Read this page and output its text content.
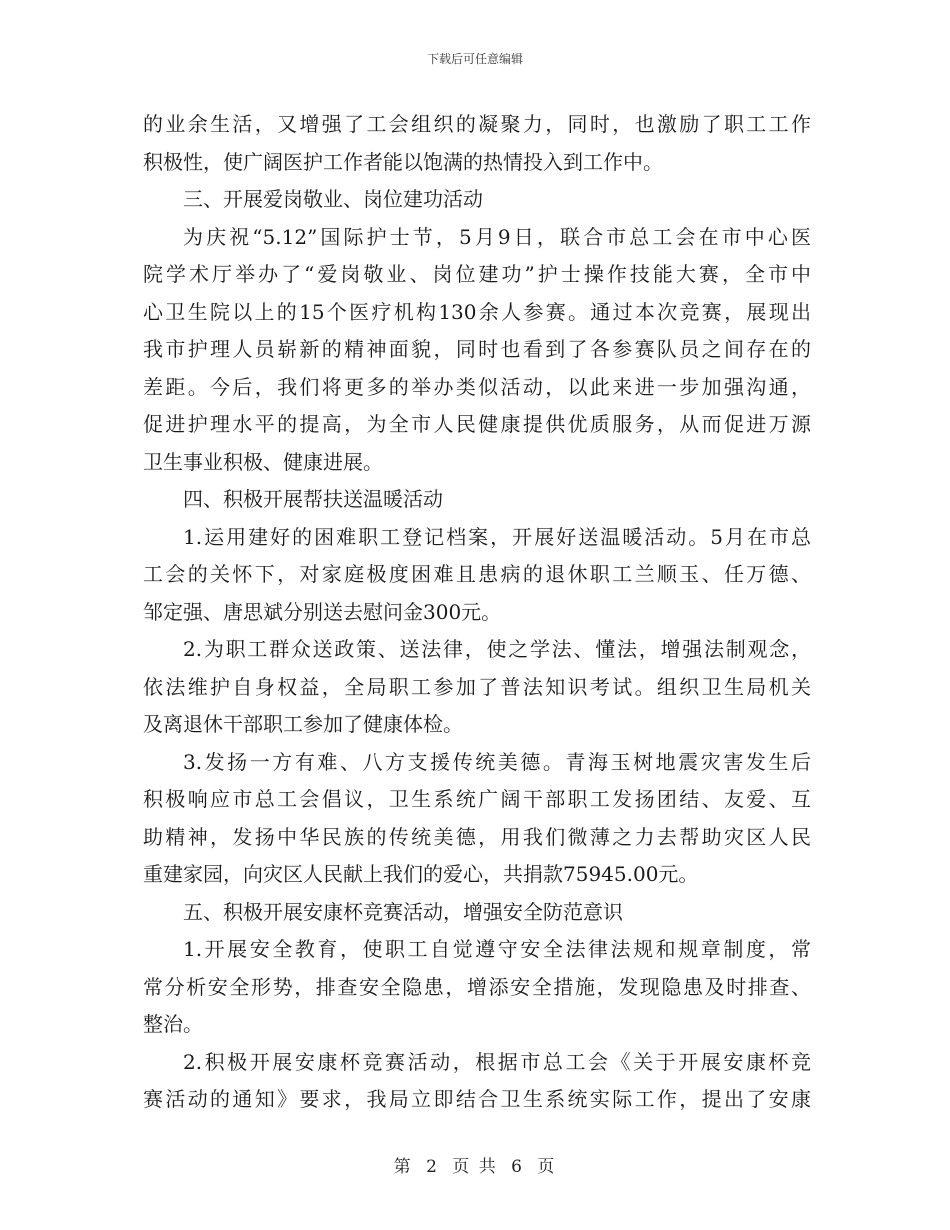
下载后可任意编辑
的业余生活，又增强了工会组织的凝聚力，同时，也激励了职工工作
积极性，使广阔医护工作者能以饱满的热情投入到工作中。
三、开展爱岗敬业、岗位建功活动
为庆祝“5.12”国际护士节，5月9日，联合市总工会在市中心医
院学术厅举办了“爱岗敬业、岗位建功”护士操作技能大赛，全市中
心卫生院以上的15个医疗机构130余人参赛。通过本次竞赛，展现出
我市护理人员崭新的精神面貌，同时也看到了各参赛队员之间存在的
差距。今后，我们将更多的举办类似活动，以此来进一步加强沟通，
促进护理水平的提高，为全市人民健康提供优质服务，从而促进万源
卫生事业积极、健康进展。
四、积极开展帮扶送温暖活动
1.运用建好的困难职工登记档案，开展好送温暖活动。5月在市总
工会的关怀下，对家庭极度困难且患病的退休职工兰顺玉、任万德、
邹定强、唐思斌分别送去慰问金300元。
2.为职工群众送政策、送法律，使之学法、懂法，增强法制观念，
依法维护自身权益，全局职工参加了普法知识考试。组织卫生局机关
及离退休干部职工参加了健康体检。
3.发扬一方有难、八方支援传统美德。青海玉树地震灾害发生后
积极响应市总工会倡议，卫生系统广阔干部职工发扬团结、友爱、互
助精神，发扬中华民族的传统美德，用我们微薄之力去帮助灾区人民
重建家园，向灾区人民献上我们的爱心，共捐款75945.00元。
五、积极开展安康杯竞赛活动，增强安全防范意识
1.开展安全教育，使职工自觉遵守安全法律法规和规章制度，常
常分析安全形势，排查安全隐患，增添安全措施，发现隐患及时排查、
整治。
2.积极开展安康杯竞赛活动，根据市总工会《关于开展安康杯竞
赛活动的通知》要求，我局立即结合卫生系统实际工作，提出了安康
第 2 页 共 6 页
